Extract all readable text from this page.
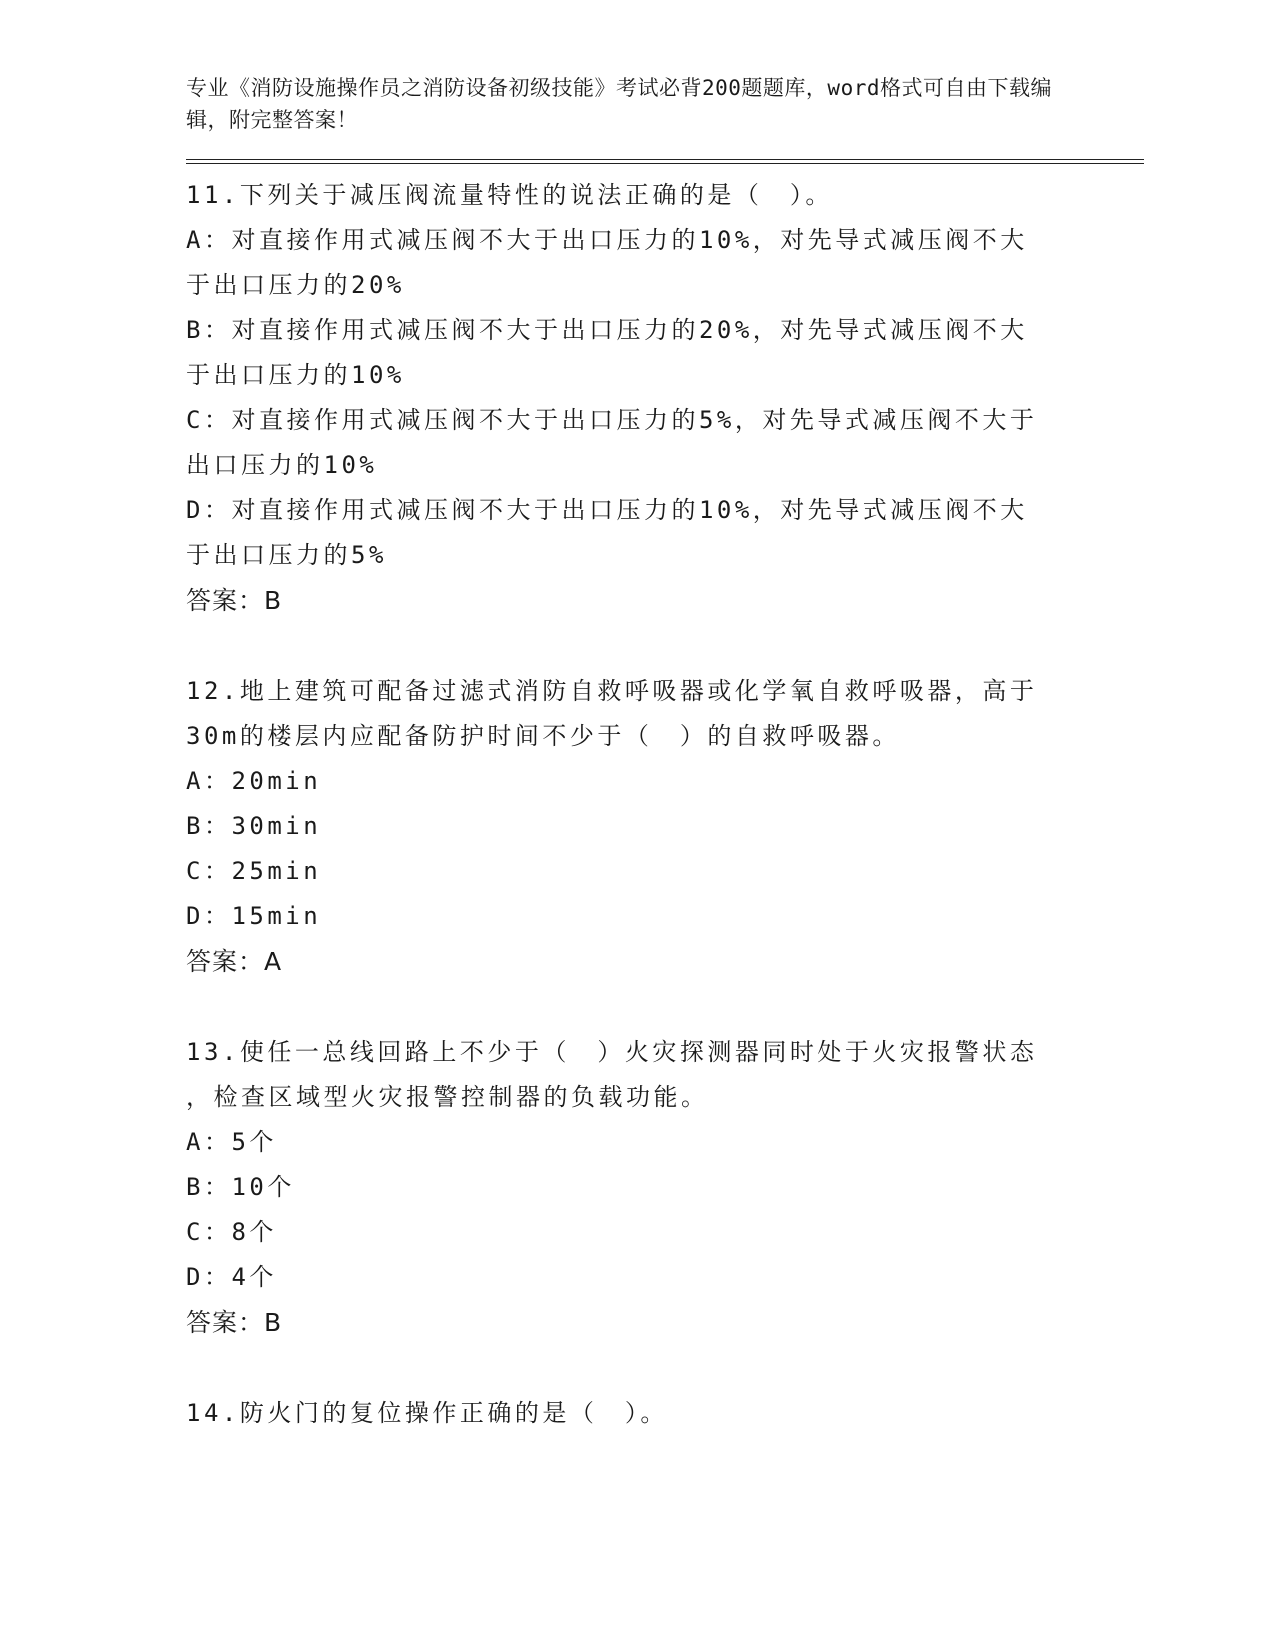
专业《消防设施操作员之消防设备初级技能》考试必背200题题库，word格式可自由下载编辑，附完整答案！
11.下列关于减压阀流量特性的说法正确的是（　）。
A：对直接作用式减压阀不大于出口压力的10%，对先导式减压阀不大
于出口压力的20%
B：对直接作用式减压阀不大于出口压力的20%，对先导式减压阀不大
于出口压力的10%
C：对直接作用式减压阀不大于出口压力的5%，对先导式减压阀不大于
出口压力的10%
D：对直接作用式减压阀不大于出口压力的10%，对先导式减压阀不大
于出口压力的5%
答案：B
12.地上建筑可配备过滤式消防自救呼吸器或化学氧自救呼吸器，高于
30m的楼层内应配备防护时间不少于（　）的自救呼吸器。
A：20min
B：30min
C：25min
D：15min
答案：A
13.使任一总线回路上不少于（　）火灾探测器同时处于火灾报警状态
，检查区域型火灾报警控制器的负载功能。
A：5个
B：10个
C：8个
D：4个
答案：B
14.防火门的复位操作正确的是（　）。
